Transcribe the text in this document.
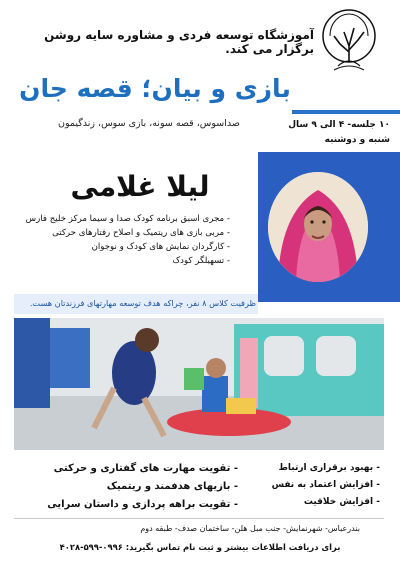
آموزشگاه توسعه فردی و مشاوره سایه روشن برگزار می کند.
بازی و بیان؛ قصه جان
صداسوس، قصه سونه، بازی سوس، زندگیمون	۱۰ جلسه- ۴ الی ۹ سال
شنبه و دوشنبه
لیلا غلامی
- مجری اسبق برنامه کودک صدا و سیما مرکز خلیج فارس
- مربی بازی های ریتمیک و اصلاح رفتارهای حرکتی
- کارگردان نمایش های کودک و نوجوان
- تسهیلگر کودک
ظرفیت کلاس ۸ نفر، چراکه هدف توسعه مهارتهای فرزندتان هست.
- تقویت مهارت های گفتاری و حرکتی
- بازیهای هدفمند و ریتمیک
- تقویت براهه پردازی و داستان سرایی
- بهبود برقراری ارتباط
- افزایش اعتماد به نفس
- افزایش خلاقیت
بندرعباس- شهرنمایش- جنب مبل هلن- ساختمان صدف- طبقه دوم
برای دریافت اطلاعات بیشتر و ثبت نام تماس بگیرید: ۰۹۹۶-۵۹۹-۴۰۲۸
